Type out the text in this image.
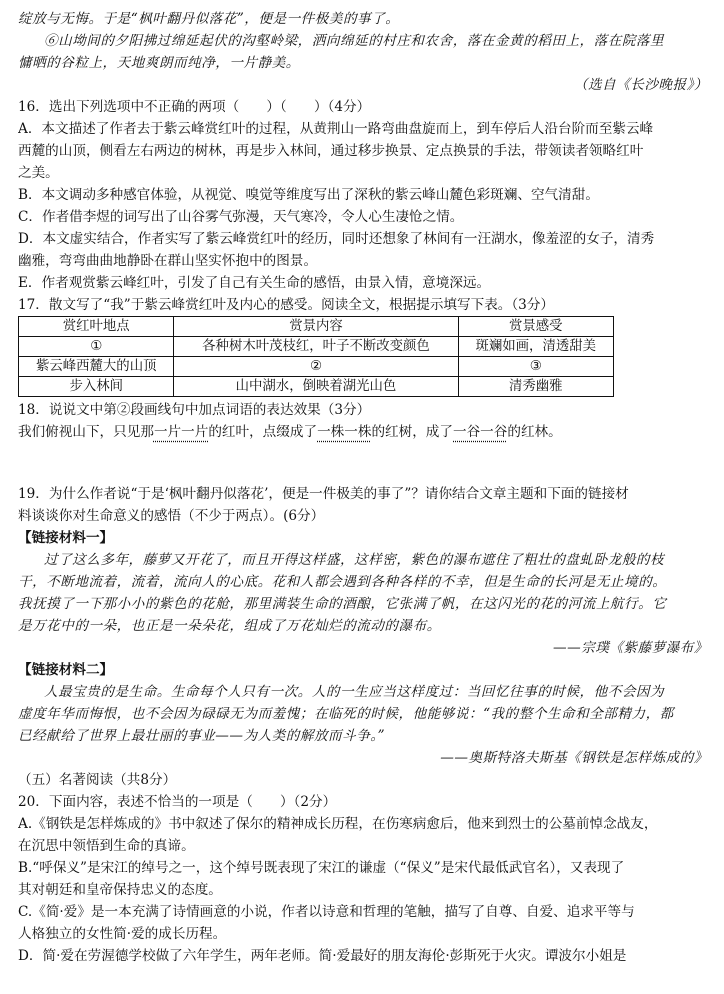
绽放与无悔。于是“枫叶翻丹似落花”，便是一件极美的事了。
⑥山坳间的夕阳拂过绵延起伏的沟壑岭梁，洒向绵延的村庄和农舍，落在金黄的稻田上，落在院落里
慵晒的谷粒上，天地爽朗而纯净，一片静美。
（选自《长沙晚报》）
16．选出下列选项中不正确的两项（　　）（　　）（4分）
A．本文描述了作者去于紫云峰赏红叶的过程，从黄荆山一路弯曲盘旋而上，到车停后人沿台阶而至紫云峰
西麓的山顶，侧看左右两边的树林，再是步入林间，通过移步换景、定点换景的手法，带领读者领略红叶
之美。
B．本文调动多种感官体验，从视觉、嗅觉等维度写出了深秋的紫云峰山麓色彩斑斓、空气清甜。
C．作者借李煜的词写出了山谷雾气弥漫，天气寒冷，令人心生凄怆之情。
D．本文虚实结合，作者实写了紫云峰赏红叶的经历，同时还想象了林间有一汪湖水，像羞涩的女子，清秀
幽雅，弯弯曲曲地静卧在群山坚实怀抱中的图景。
E．作者观赏紫云峰红叶，引发了自己有关生命的感悟，由景入情，意境深远。
17．散文写了“我”于紫云峰赏红叶及内心的感受。阅读全文，根据提示填写下表。（3分）
赏红叶地点	赏景内容	赏景感受
①	各种树木叶茂枝红，叶子不断改变颜色	斑斓如画，清透甜美
紫云峰西麓大的山顶	②	③
步入林间	山中湖水，倒映着湖光山色	清秀幽雅
18．说说文中第②段画线句中加点词语的表达效果（3分）
我们俯视山下，只见那一片一片的红叶，点缀成了一株一株的红树，成了一谷一谷的红林。
19．为什么作者说“于是‘枫叶翻丹似落花’，便是一件极美的事了”？请你结合文章主题和下面的链接材
料谈谈你对生命意义的感悟（不少于两点）。(6分）
【链接材料一】
过了这么多年，藤萝又开花了，而且开得这样盛，这样密，紫色的瀑布遮住了粗壮的盘虬卧龙般的枝
干，不断地流着，流着，流向人的心底。花和人都会遇到各种各样的不幸，但是生命的长河是无止境的。
我抚摸了一下那小小的紫色的花舱，那里满装生命的酒酿，它张满了帆，在这闪光的花的河流上航行。它
是万花中的一朵，也正是一朵朵花，组成了万花灿烂的流动的瀑布。
——宗璞《紫藤萝瀑布》
【链接材料二】
人最宝贵的是生命。生命每个人只有一次。人的一生应当这样度过：当回忆往事的时候，他不会因为
虚度年华而悔恨，也不会因为碌碌无为而羞愧；在临死的时候，他能够说：“我的整个生命和全部精力，都
已经献给了世界上最壮丽的事业——为人类的解放而斗争。”
——奥斯特洛夫斯基《钢铁是怎样炼成的》
（五）名著阅读（共8分）
20．下面内容，表述不恰当的一项是（　　）（2分）
A.《钢铁是怎样炼成的》书中叙述了保尔的精神成长历程，在伤寒病愈后，他来到烈士的公墓前悼念战友，
在沉思中领悟到生命的真谛。
B.“呼保义”是宋江的绰号之一，这个绰号既表现了宋江的谦虚（“保义”是宋代最低武官名），又表现了
其对朝廷和皇帝保持忠义的态度。
C.《简·爱》是一本充满了诗情画意的小说，作者以诗意和哲理的笔触，描写了自尊、自爱、追求平等与
人格独立的女性简·爱的成长历程。
D．简·爱在劳渥德学校做了六年学生，两年老师。简·爱最好的朋友海伦·彭斯死于火灾。谭波尔小姐是
